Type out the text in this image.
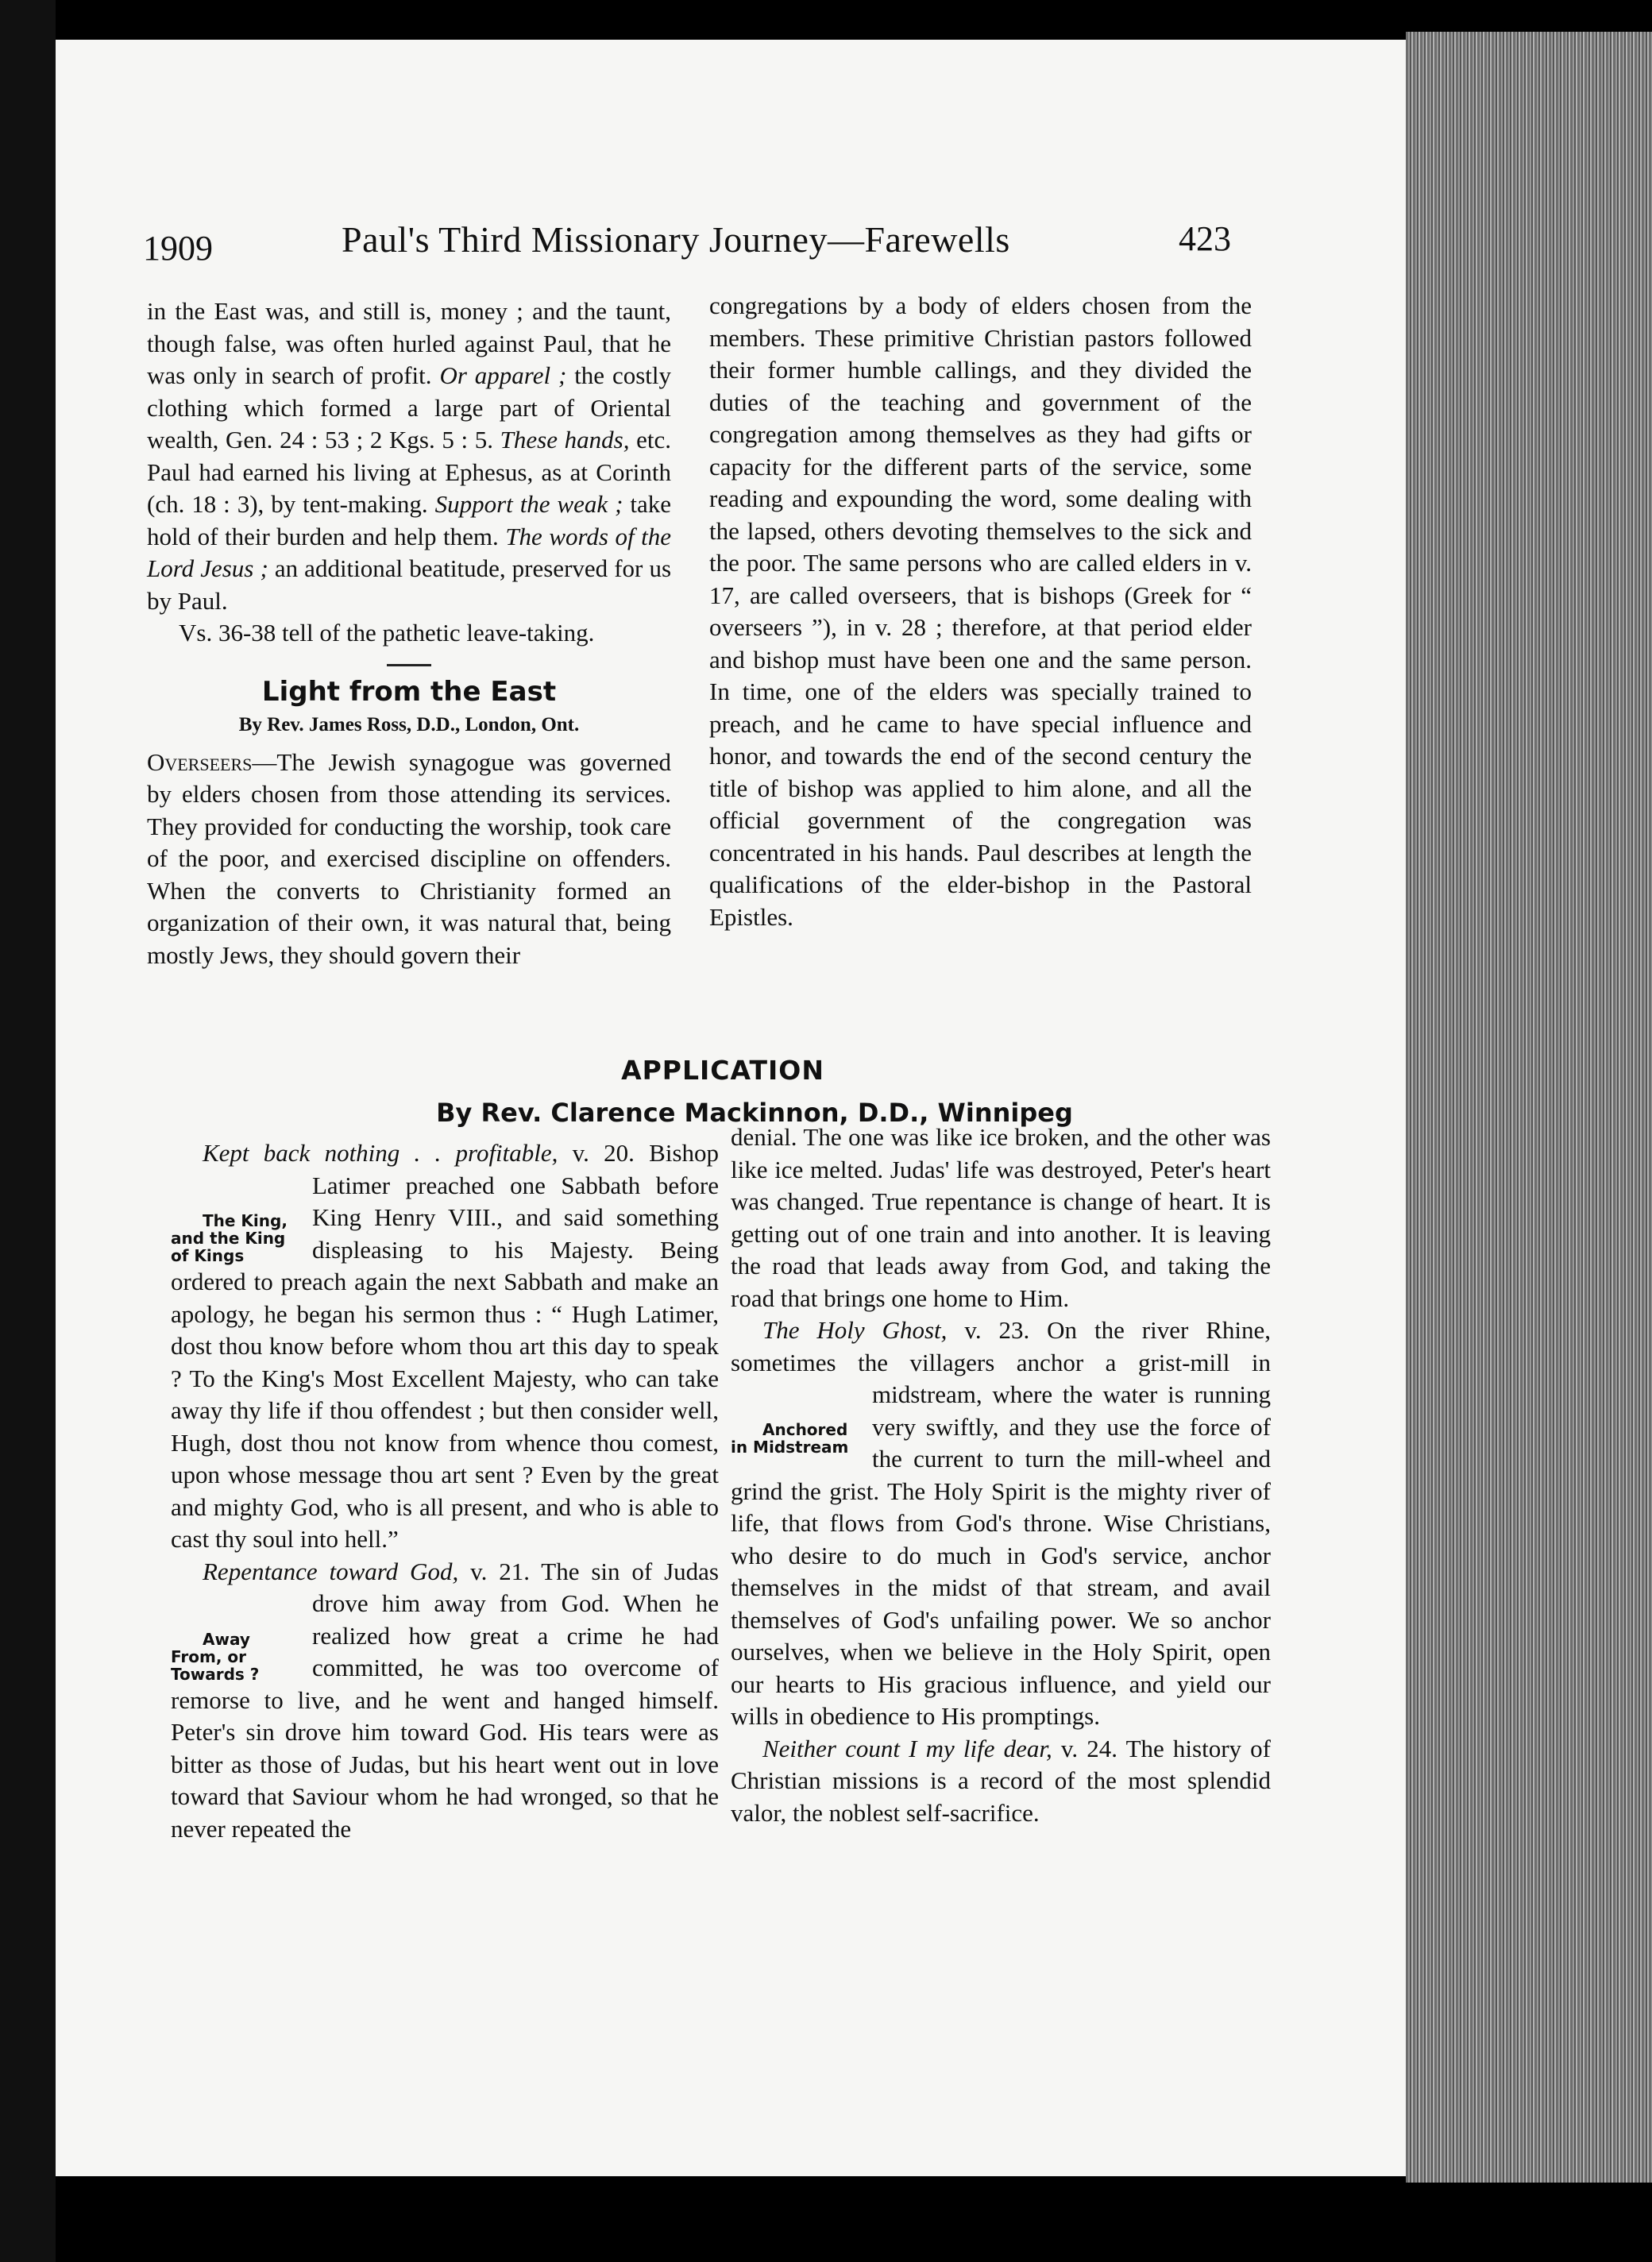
1909	Paul's Third Missionary Journey—Farewells	423

in the East was, and still is, money ; and the taunt, though false, was often hurled against Paul, that he was only in search of profit. Or apparel ; the costly clothing which formed a large part of Oriental wealth, Gen. 24 : 53 ; 2 Kgs. 5 : 5. These hands, etc. Paul had earned his living at Ephesus, as at Corinth (ch. 18 : 3), by tent-making. Support the weak ; take hold of their burden and help them. The words of the Lord Jesus ; an additional beatitude, preserved for us by Paul.

Vs. 36-38 tell of the pathetic leave-taking.

Light from the East
By Rev. James Ross, D.D., London, Ont.

Overseers—The Jewish synagogue was governed by elders chosen from those attending its services. They provided for conducting the worship, took care of the poor, and exercised discipline on offenders. When the converts to Christianity formed an organization of their own, it was natural that, being mostly Jews, they should govern their

congregations by a body of elders chosen from the members. These primitive Christian pastors followed their former humble callings, and they divided the duties of the teaching and government of the congregation among themselves as they had gifts or capacity for the different parts of the service, some reading and expounding the word, some dealing with the lapsed, others devoting themselves to the sick and the poor. The same persons who are called elders in v. 17, are called overseers, that is bishops (Greek for “ overseers ”), in v. 28 ; therefore, at that period elder and bishop must have been one and the same person. In time, one of the elders was specially trained to preach, and he came to have special influence and honor, and towards the end of the second century the title of bishop was applied to him alone, and all the official government of the congregation was concentrated in his hands. Paul describes at length the qualifications of the elder-bishop in the Pastoral Epistles.

APPLICATION
By Rev. Clarence Mackinnon, D.D., Winnipeg

The King, and the King of Kings
Kept back nothing . . profitable, v. 20. Bishop Latimer preached one Sabbath before King Henry VIII., and said something displeasing to his Majesty. Being ordered to preach again the next Sabbath and make an apology, he began his sermon thus : “ Hugh Latimer, dost thou know before whom thou art this day to speak ? To the King's Most Excellent Majesty, who can take away thy life if thou offendest ; but then consider well, Hugh, dost thou not know from whence thou comest, upon whose message thou art sent ? Even by the great and mighty God, who is all present, and who is able to cast thy soul into hell.”

Away From, or Towards ?
Repentance toward God, v. 21. The sin of Judas drove him away from God. When he realized how great a crime he had committed, he was too overcome of remorse to live, and he went and hanged himself. Peter's sin drove him toward God. His tears were as bitter as those of Judas, but his heart went out in love toward that Saviour whom he had wronged, so that he never repeated the

denial. The one was like ice broken, and the other was like ice melted. Judas' life was destroyed, Peter's heart was changed. True repentance is change of heart. It is getting out of one train and into another. It is leaving the road that leads away from God, and taking the road that brings one home to Him.

Anchored in Midstream
The Holy Ghost, v. 23. On the river Rhine, sometimes the villagers anchor a grist-mill in midstream, where the water is running very swiftly, and they use the force of the current to turn the mill-wheel and grind the grist. The Holy Spirit is the mighty river of life, that flows from God's throne. Wise Christians, who desire to do much in God's service, anchor themselves in the midst of that stream, and avail themselves of God's unfailing power. We so anchor ourselves, when we believe in the Holy Spirit, open our hearts to His gracious influence, and yield our wills in obedience to His promptings.

Neither count I my life dear, v. 24. The history of Christian missions is a record of the most splendid valor, the noblest self-sacrifice.
